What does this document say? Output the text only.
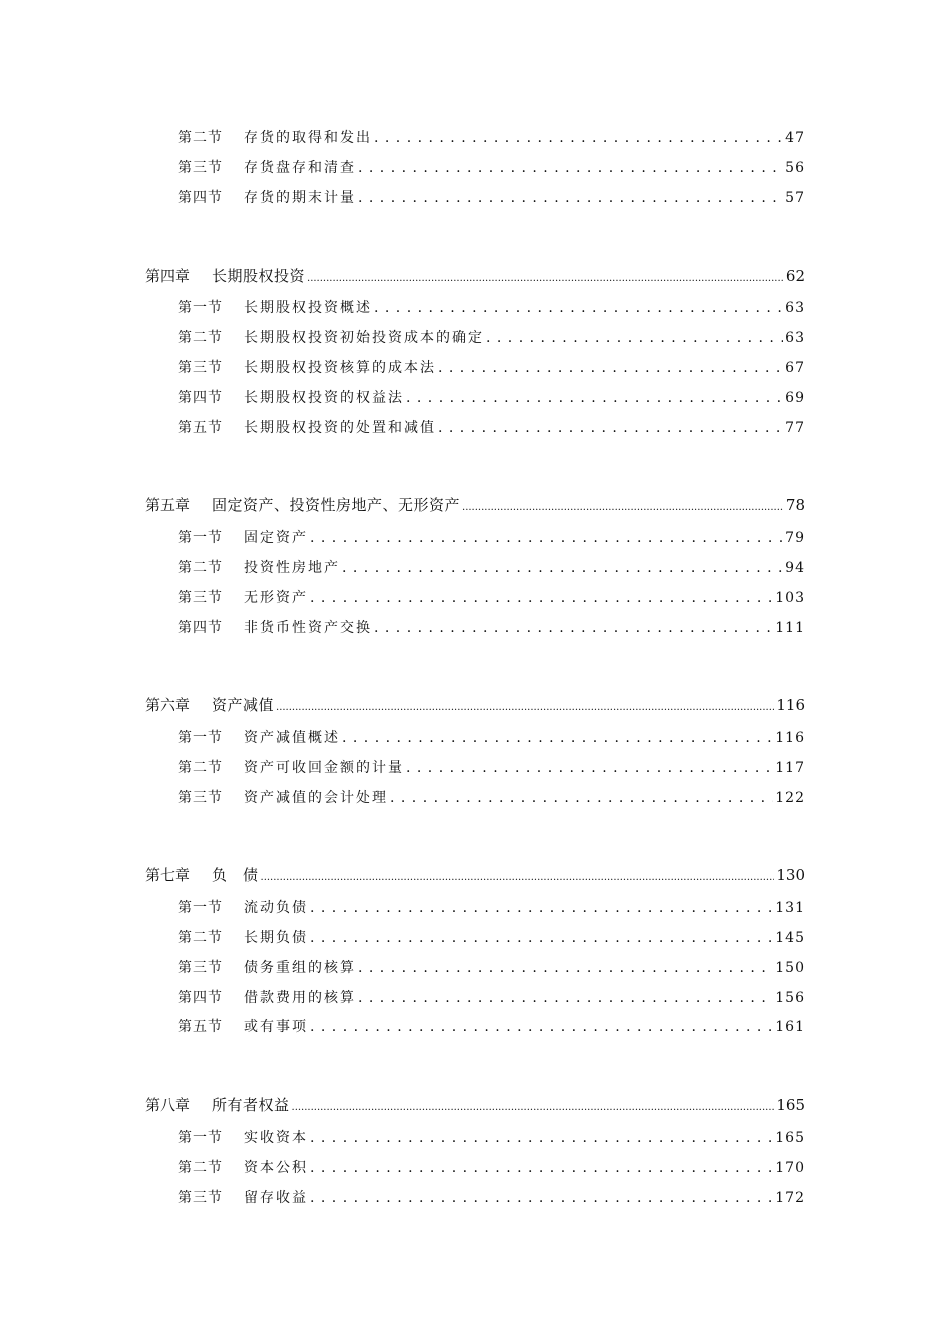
第二节	存货的取得和发出 . . .	47
第三节	存货盘存和清查 . . .	56
第四节	存货的期末计量 . . .	57
第四章	长期股权投资 .....	62
第一节	长期股权投资概述 . . .	63
第二节	长期股权投资初始投资成本的确定 . . .	63
第三节	长期股权投资核算的成本法 . . .	67
第四节	长期股权投资的权益法 . . .	69
第五节	长期股权投资的处置和减值 . . .	77
第五章	固定资产、投资性房地产、无形资产 .....	78
第一节	固定资产 . . .	79
第二节	投资性房地产 . . .	94
第三节	无形资产 . . .	103
第四节	非货币性资产交换 . . .	111
第六章	资产减值 .....	116
第一节	资产减值概述 . . .	116
第二节	资产可收回金额的计量 . . .	117
第三节	资产减值的会计处理 . . .	122
第七章	负　债 .....	130
第一节	流动负债 . . .	131
第二节	长期负债 . . .	145
第三节	债务重组的核算 . . .	150
第四节	借款费用的核算 . . .	156
第五节	或有事项 . . .	161
第八章	所有者权益 .....	165
第一节	实收资本 . . .	165
第二节	资本公积 . . .	170
第三节	留存收益 . . .	172
